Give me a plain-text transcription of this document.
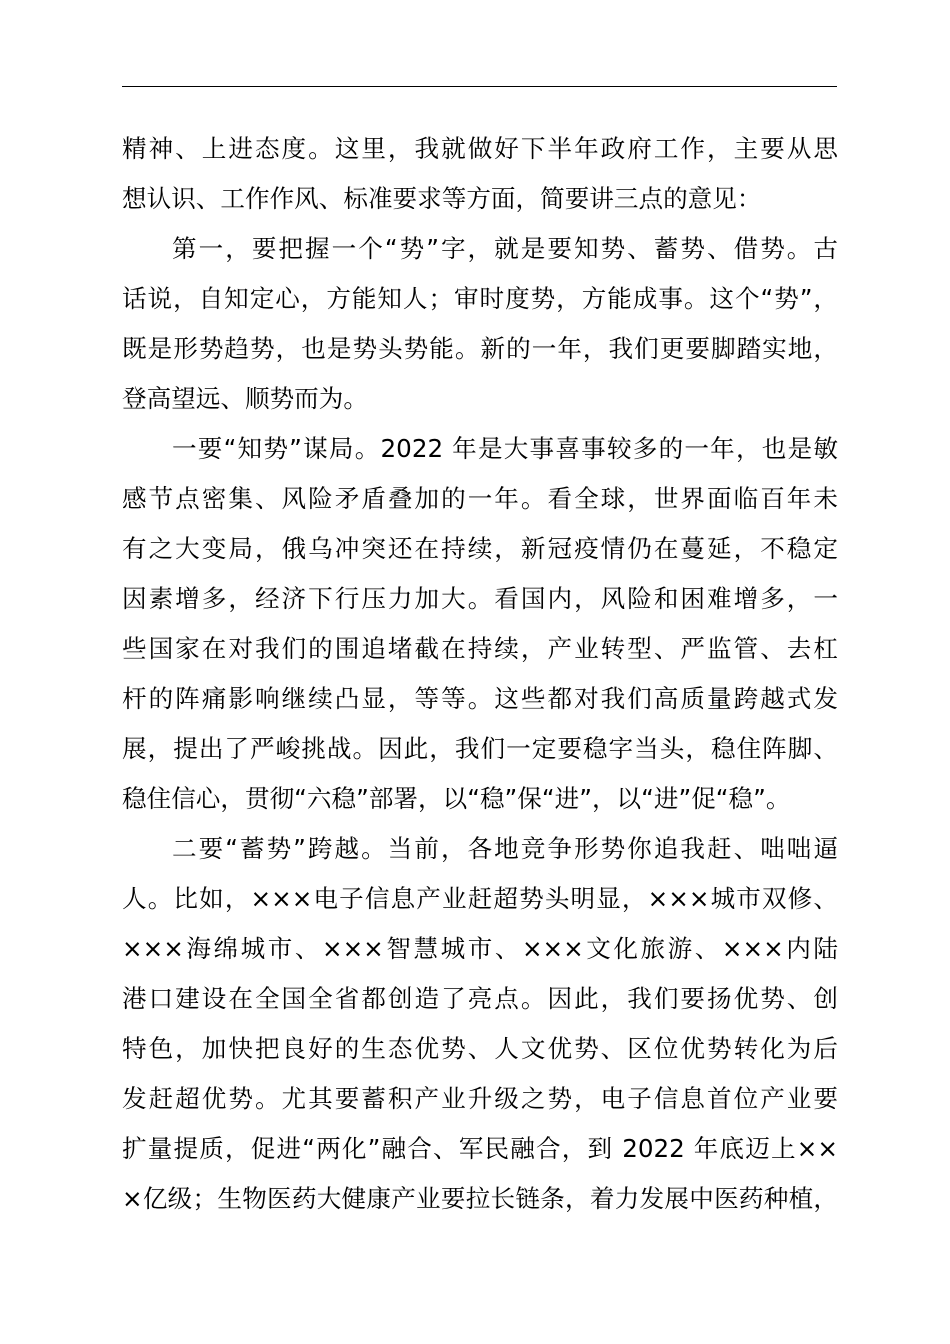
精神、上进态度。这里，我就做好下半年政府工作，主要从思
想认识、工作作风、标准要求等方面，简要讲三点的意见：
第一，要把握一个“势”字，就是要知势、蓄势、借势。古
话说，自知定心，方能知人；审时度势，方能成事。这个“势”，
既是形势趋势，也是势头势能。新的一年，我们更要脚踏实地，
登高望远、顺势而为。
一要“知势”谋局。2022 年是大事喜事较多的一年，也是敏
感节点密集、风险矛盾叠加的一年。看全球，世界面临百年未
有之大变局，俄乌冲突还在持续，新冠疫情仍在蔓延，不稳定
因素增多，经济下行压力加大。看国内，风险和困难增多，一
些国家在对我们的围追堵截在持续，产业转型、严监管、去杠
杆的阵痛影响继续凸显，等等。这些都对我们高质量跨越式发
展，提出了严峻挑战。因此，我们一定要稳字当头，稳住阵脚、
稳住信心，贯彻“六稳”部署，以“稳”保“进”，以“进”促“稳”。
二要“蓄势”跨越。当前，各地竞争形势你追我赶、咄咄逼
人。比如，×××电子信息产业赶超势头明显，×××城市双修、
×××海绵城市、×××智慧城市、×××文化旅游、×××内陆
港口建设在全国全省都创造了亮点。因此，我们要扬优势、创
特色，加快把良好的生态优势、人文优势、区位优势转化为后
发赶超优势。尤其要蓄积产业升级之势，电子信息首位产业要
扩量提质，促进“两化”融合、军民融合，到 2022 年底迈上××
×亿级；生物医药大健康产业要拉长链条，着力发展中医药种植，
